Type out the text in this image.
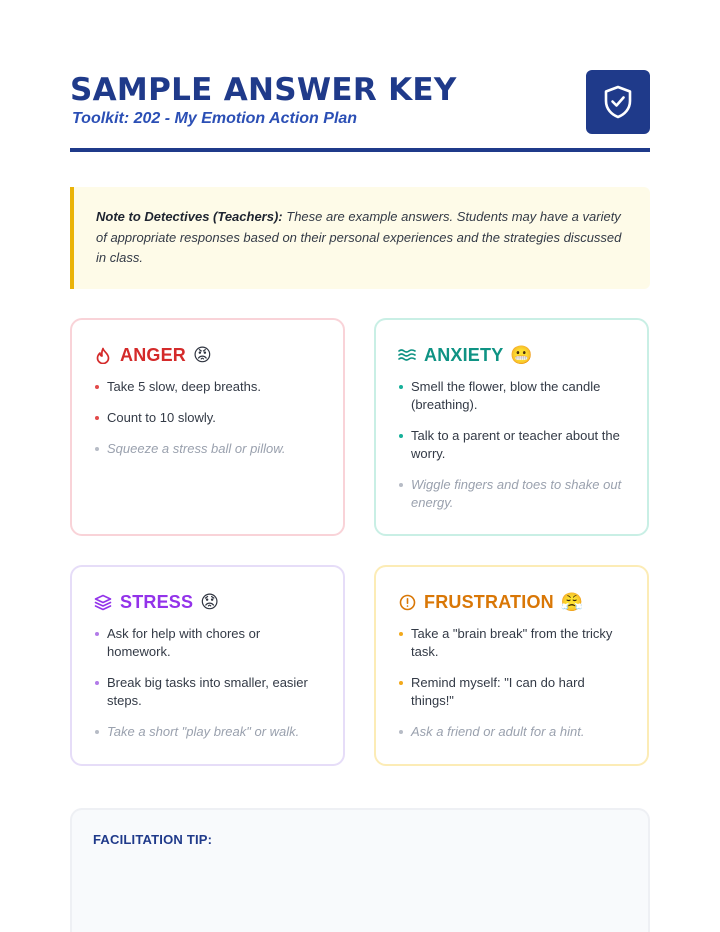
SAMPLE ANSWER KEY
Toolkit: 202 - My Emotion Action Plan
Note to Detectives (Teachers): These are example answers. Students may have a variety of appropriate responses based on their personal experiences and the strategies discussed in class.
ANGER 😡
Take 5 slow, deep breaths.
Count to 10 slowly.
Squeeze a stress ball or pillow.
ANXIETY 😬
Smell the flower, blow the candle (breathing).
Talk to a parent or teacher about the worry.
Wiggle fingers and toes to shake out energy.
STRESS 😟
Ask for help with chores or homework.
Break big tasks into smaller, easier steps.
Take a short "play break" or walk.
FRUSTRATION 😤
Take a "brain break" from the tricky task.
Remind myself: "I can do hard things!"
Ask a friend or adult for a hint.
FACILITATION TIP:
